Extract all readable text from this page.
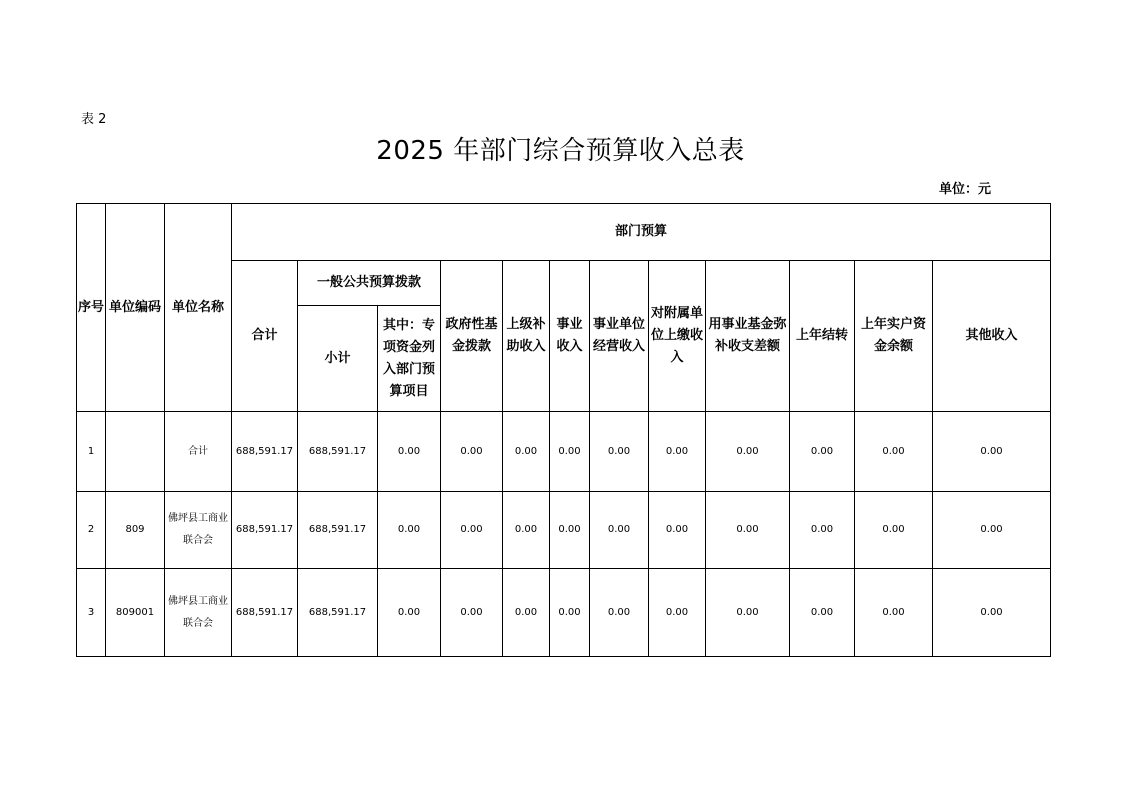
表 2
2025 年部门综合预算收入总表
单位：元
序号	单位编码	单位名称	部门预算											
			合计	一般公共预算拨款		政府性基金拨款	上级补助收入	事业收入	事业单位经营收入	对附属单位上缴收入	用事业基金弥补收支差额	上年结转	上年实户资金余额	其他收入
				小计	其中：专项资金列入部门预算项目									
1		合计	688,591.17	688,591.17	0.00	0.00	0.00	0.00	0.00	0.00	0.00	0.00	0.00	0.00
2	809	佛坪县工商业联合会	688,591.17	688,591.17	0.00	0.00	0.00	0.00	0.00	0.00	0.00	0.00	0.00	0.00
3	809001	佛坪县工商业联合会	688,591.17	688,591.17	0.00	0.00	0.00	0.00	0.00	0.00	0.00	0.00	0.00	0.00
